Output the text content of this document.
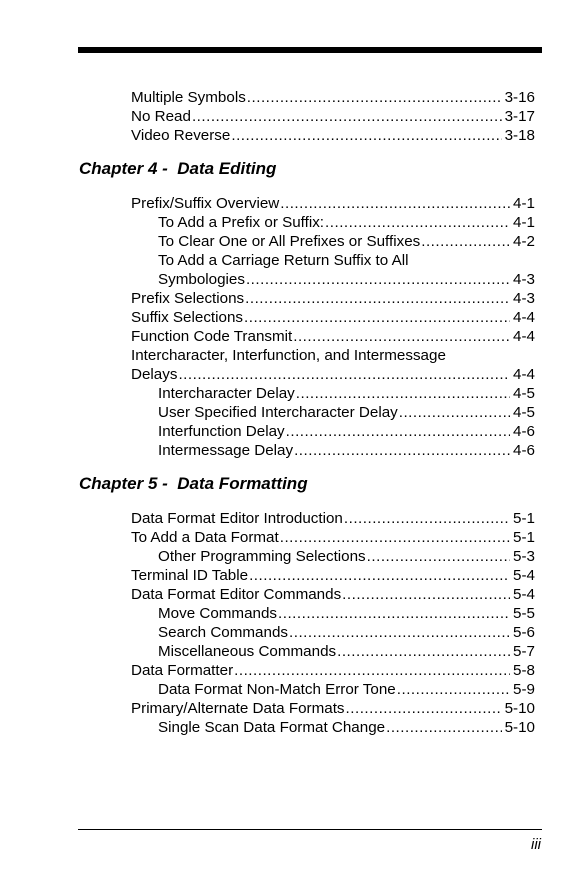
Multiple Symbols .....	3-16
No Read .....	3-17
Video Reverse .....	3-18
Chapter 4 -  Data Editing
Prefix/Suffix Overview .....	4-1
To Add a Prefix or Suffix: .....	4-1
To Clear One or All Prefixes or Suffixes .....	4-2
To Add a Carriage Return Suffix to All
Symbologies .....	4-3
Prefix Selections .....	4-3
Suffix Selections .....	4-4
Function Code Transmit .....	4-4
Intercharacter, Interfunction, and Intermessage
Delays .....	4-4
Intercharacter Delay .....	4-5
User Specified Intercharacter Delay .....	4-5
Interfunction Delay .....	4-6
Intermessage Delay .....	4-6
Chapter 5 -  Data Formatting
Data Format Editor Introduction .....	5-1
To Add a Data Format .....	5-1
Other Programming Selections .....	5-3
Terminal ID Table .....	5-4
Data Format Editor Commands .....	5-4
Move Commands .....	5-5
Search Commands .....	5-6
Miscellaneous Commands .....	5-7
Data Formatter .....	5-8
Data Format Non-Match Error Tone .....	5-9
Primary/Alternate Data Formats .....	5-10
Single Scan Data Format Change .....	5-10
iii
